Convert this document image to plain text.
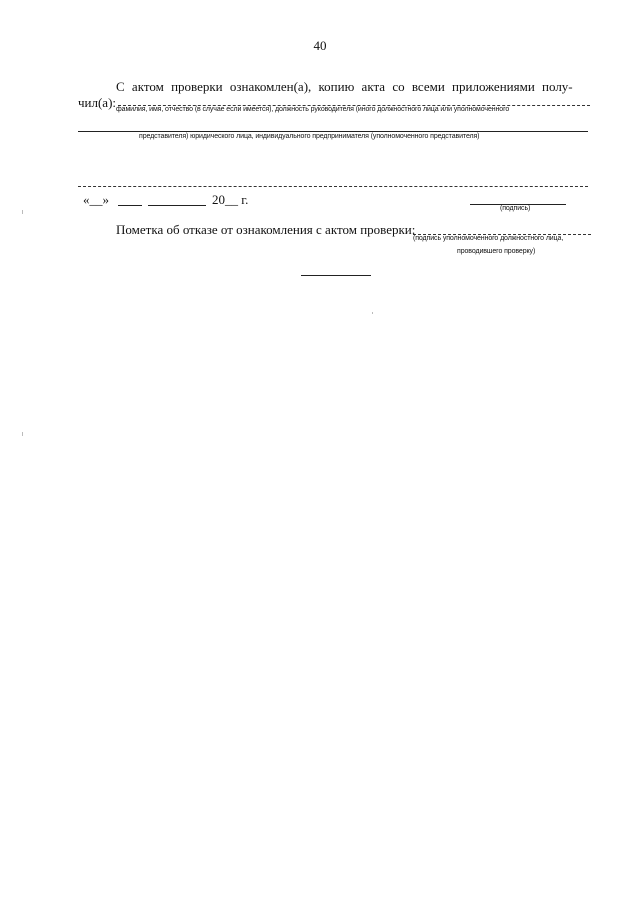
40
С актом проверки ознакомлен(а), копию акта со всеми приложениями полу-
чил(а): фамилия, имя, отчество (в случае если имеется), должность руководителя (иного должностного лица или уполномоченного
представителя) юридического лица, индивидуального предпринимателя (уполномоченного представителя)
«__»	20__ г.
(подпись)
Пометка об отказе от ознакомления с актом проверки:
(подпись уполномоченного должностного лица,
проводившего проверку)
